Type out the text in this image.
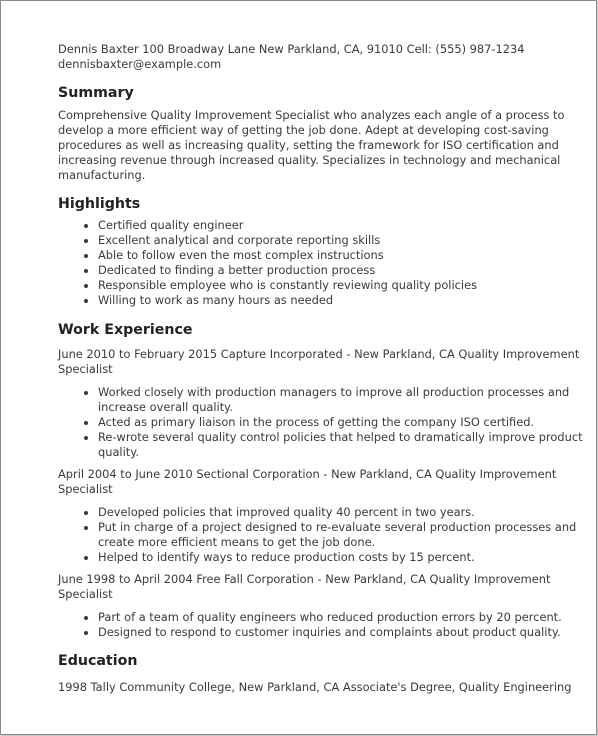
Dennis Baxter 100 Broadway Lane New Parkland, CA, 91010 Cell: (555) 987-1234
dennisbaxter@example.com
Summary

Comprehensive Quality Improvement Specialist who analyzes each angle of a process to develop a more efficient way of getting the job done. Adept at developing cost-saving procedures as well as increasing quality, setting the framework for ISO certification and increasing revenue through increased quality. Specializes in technology and mechanical manufacturing.

Highlights
Certified quality engineer
Excellent analytical and corporate reporting skills
Able to follow even the most complex instructions
Dedicated to finding a better production process
Responsible employee who is constantly reviewing quality policies
Willing to work as many hours as needed
Work Experience
June 2010 to February 2015 Capture Incorporated - New Parkland, CA Quality Improvement Specialist
Worked closely with production managers to improve all production processes and increase overall quality.
Acted as primary liaison in the process of getting the company ISO certified.
Re-wrote several quality control policies that helped to dramatically improve product quality.
April 2004 to June 2010 Sectional Corporation - New Parkland, CA Quality Improvement Specialist
Developed policies that improved quality 40 percent in two years.
Put in charge of a project designed to re-evaluate several production processes and create more efficient means to get the job done.
Helped to identify ways to reduce production costs by 15 percent.
June 1998 to April 2004 Free Fall Corporation - New Parkland, CA Quality Improvement Specialist
Part of a team of quality engineers who reduced production errors by 20 percent.
Designed to respond to customer inquiries and complaints about product quality.
Education
1998 Tally Community College, New Parkland, CA Associate's Degree, Quality Engineering
